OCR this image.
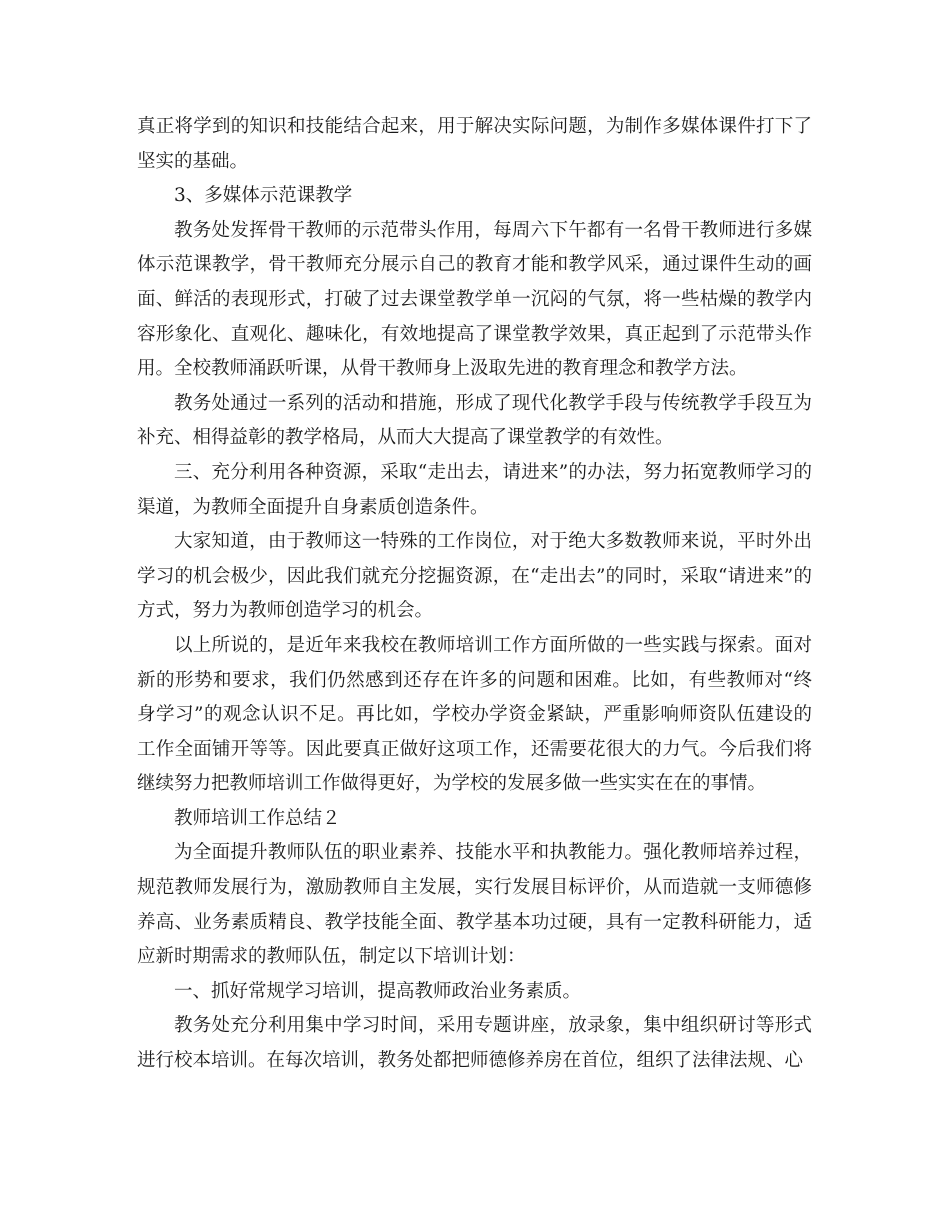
真正将学到的知识和技能结合起来，用于解决实际问题，为制作多媒体课件打下了坚实的基础。

3、多媒体示范课教学

教务处发挥骨干教师的示范带头作用，每周六下午都有一名骨干教师进行多媒体示范课教学，骨干教师充分展示自己的教育才能和教学风采，通过课件生动的画面、鲜活的表现形式，打破了过去课堂教学单一沉闷的气氛，将一些枯燥的教学内容形象化、直观化、趣味化，有效地提高了课堂教学效果，真正起到了示范带头作用。全校教师涌跃听课，从骨干教师身上汲取先进的教育理念和教学方法。

教务处通过一系列的活动和措施，形成了现代化教学手段与传统教学手段互为补充、相得益彰的教学格局，从而大大提高了课堂教学的有效性。

三、充分利用各种资源，采取“走出去，请进来”的办法，努力拓宽教师学习的渠道，为教师全面提升自身素质创造条件。

大家知道，由于教师这一特殊的工作岗位，对于绝大多数教师来说，平时外出学习的机会极少，因此我们就充分挖掘资源，在“走出去”的同时，采取“请进来”的方式，努力为教师创造学习的机会。

以上所说的，是近年来我校在教师培训工作方面所做的一些实践与探索。面对新的形势和要求，我们仍然感到还存在许多的问题和困难。比如，有些教师对“终身学习”的观念认识不足。再比如，学校办学资金紧缺，严重影响师资队伍建设的工作全面铺开等等。因此要真正做好这项工作，还需要花很大的力气。今后我们将继续努力把教师培训工作做得更好，为学校的发展多做一些实实在在的事情。

教师培训工作总结２

为全面提升教师队伍的职业素养、技能水平和执教能力。强化教师培养过程，规范教师发展行为，激励教师自主发展，实行发展目标评价，从而造就一支师德修养高、业务素质精良、教学技能全面、教学基本功过硬，具有一定教科研能力，适应新时期需求的教师队伍，制定以下培训计划：

一、抓好常规学习培训，提高教师政治业务素质。

教务处充分利用集中学习时间，采用专题讲座，放录象，集中组织研讨等形式进行校本培训。在每次培训，教务处都把师德修养房在首位，组织了法律法规、心
